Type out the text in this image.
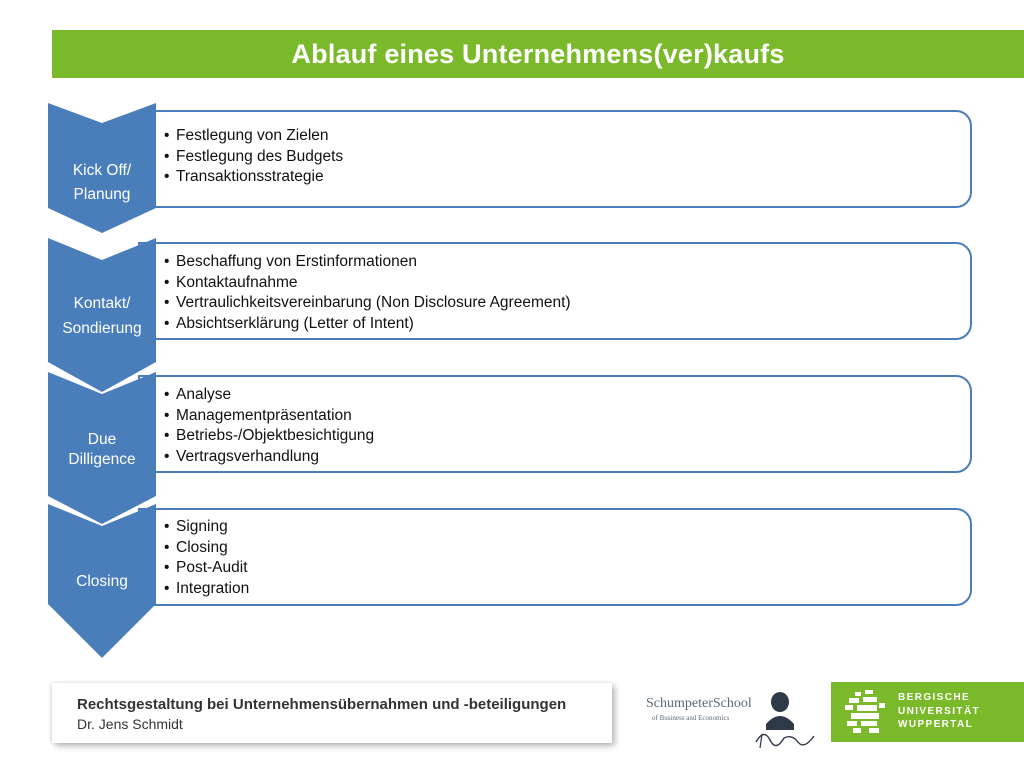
Ablauf eines Unternehmens(ver)kaufs
• Festlegung von Zielen
• Festlegung des Budgets
• Transaktionsstrategie
Kick Off/
Planung
• Beschaffung von Erstinformationen
• Kontaktaufnahme
• Vertraulichkeitsvereinbarung (Non Disclosure Agreement)
• Absichtserklärung (Letter of Intent)
Kontakt/
Sondierung
• Analyse
• Managementpräsentation
• Betriebs-/Objektbesichtigung
• Vertragsverhandlung
Due
Dilligence
• Signing
• Closing
• Post-Audit
• Integration
Closing
Rechtsgestaltung bei Unternehmensübernahmen und -beteiligungen
Dr. Jens Schmidt
SchumpeterSchool
of Business and Economics
BERGISCHE
UNIVERSITÄT
WUPPERTAL
